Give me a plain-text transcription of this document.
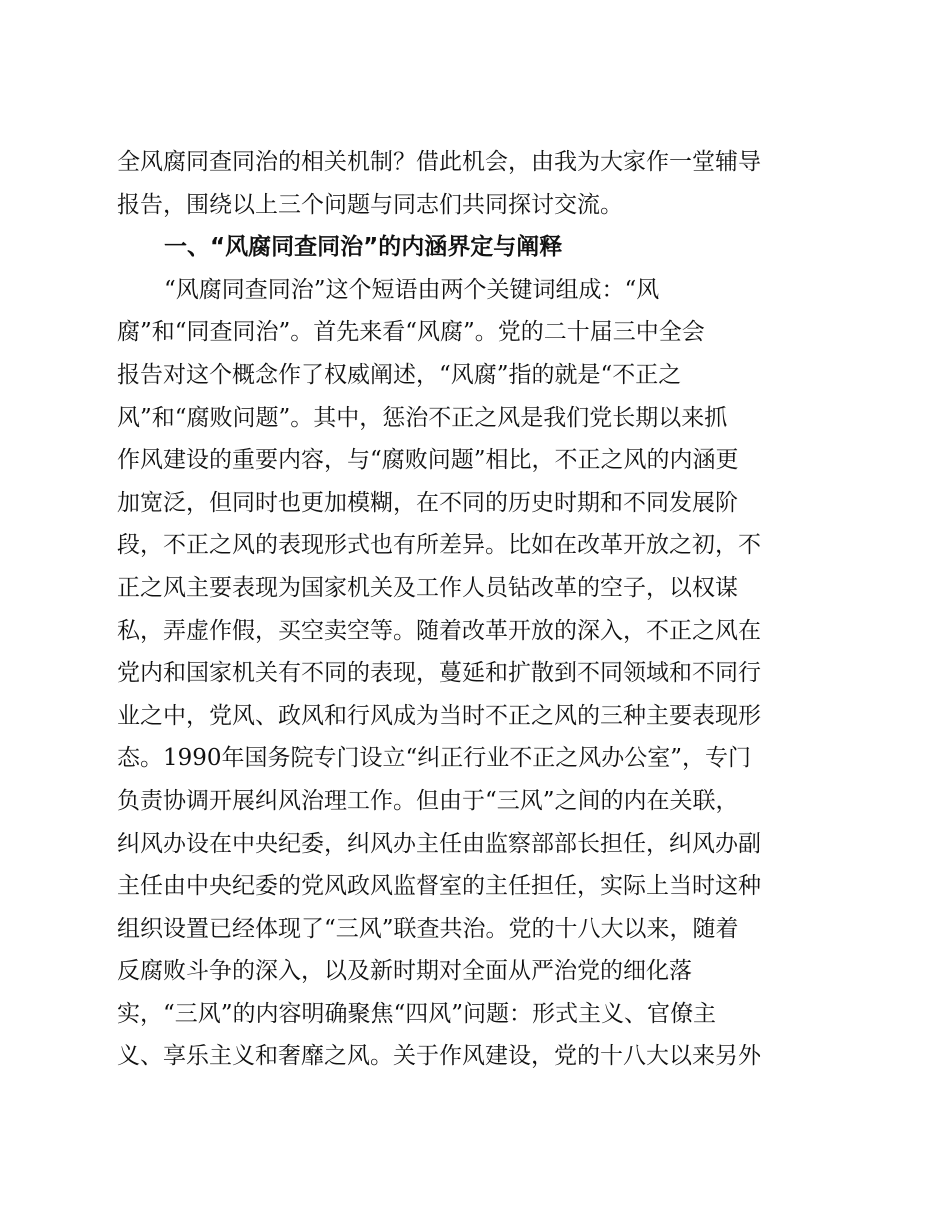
全风腐同查同治的相关机制？借此机会，由我为大家作一堂辅导
报告，围绕以上三个问题与同志们共同探讨交流。
一、“风腐同查同治”的内涵界定与阐释
“风腐同查同治”这个短语由两个关键词组成：“风
腐”和“同查同治”。首先来看“风腐”。党的二十届三中全会
报告对这个概念作了权威阐述，“风腐”指的就是“不正之
风”和“腐败问题”。其中，惩治不正之风是我们党长期以来抓
作风建设的重要内容，与“腐败问题”相比，不正之风的内涵更
加宽泛，但同时也更加模糊，在不同的历史时期和不同发展阶
段，不正之风的表现形式也有所差异。比如在改革开放之初，不
正之风主要表现为国家机关及工作人员钻改革的空子，以权谋
私，弄虚作假，买空卖空等。随着改革开放的深入，不正之风在
党内和国家机关有不同的表现，蔓延和扩散到不同领域和不同行
业之中，党风、政风和行风成为当时不正之风的三种主要表现形
态。1990年国务院专门设立“纠正行业不正之风办公室”，专门
负责协调开展纠风治理工作。但由于“三风”之间的内在关联，
纠风办设在中央纪委，纠风办主任由监察部部长担任，纠风办副
主任由中央纪委的党风政风监督室的主任担任，实际上当时这种
组织设置已经体现了“三风”联查共治。党的十八大以来，随着
反腐败斗争的深入，以及新时期对全面从严治党的细化落
实，“三风”的内容明确聚焦“四风”问题：形式主义、官僚主
义、享乐主义和奢靡之风。关于作风建设，党的十八大以来另外
